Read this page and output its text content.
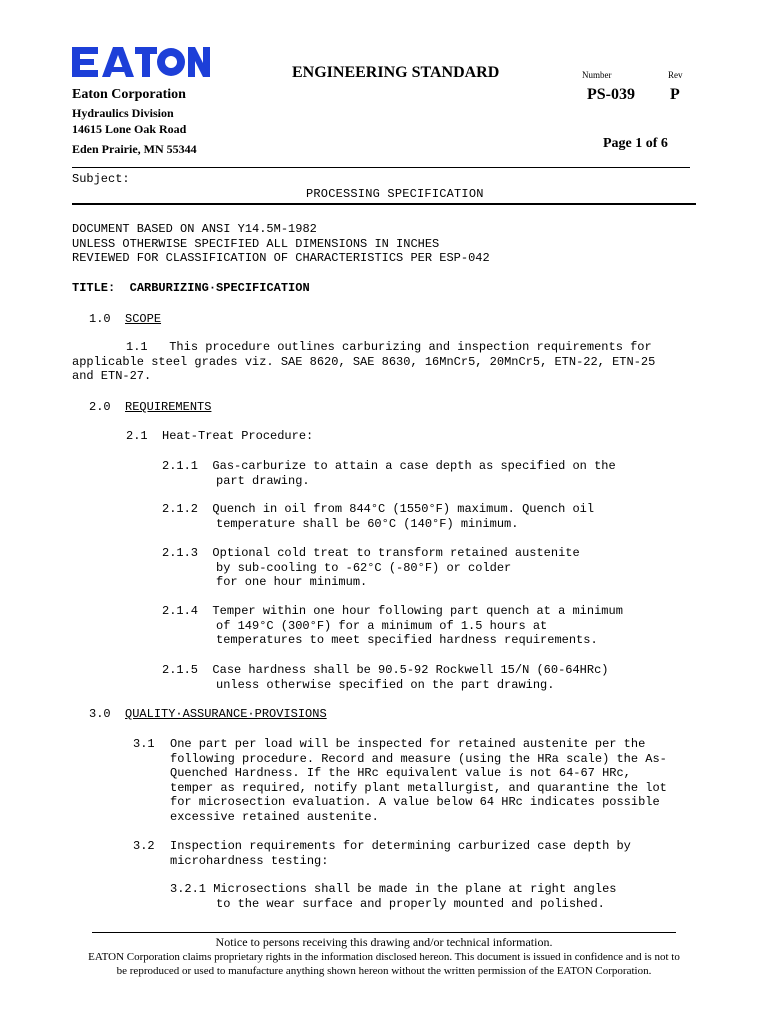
ENGINEERING STANDARD	Number	Rev
PS-039 P
Eaton Corporation
Hydraulics Division
14615 Lone Oak Road
Eden Prairie, MN 55344	Page 1 of 6
Subject:
PROCESSING SPECIFICATION
DOCUMENT BASED ON ANSI Y14.5M-1982
UNLESS OTHERWISE SPECIFIED ALL DIMENSIONS IN INCHES
REVIEWED FOR CLASSIFICATION OF CHARACTERISTICS PER ESP-042
TITLE: CARBURIZING·SPECIFICATION
1.0 SCOPE
1.1 This procedure outlines carburizing and inspection requirements for
applicable steel grades viz. SAE 8620, SAE 8630, 16MnCr5, 20MnCr5, ETN-22, ETN-25
and ETN-27.
2.0 REQUIREMENTS
2.1  Heat-Treat Procedure:
2.1.1 Gas-carburize to attain a case depth as specified on the
part drawing.
2.1.2 Quench in oil from 844°C (1550°F) maximum. Quench oil
temperature shall be 60°C (140°F) minimum.
2.1.3 Optional cold treat to transform retained austenite
by sub-cooling to -62°C (-80°F) or colder
for one hour minimum.
2.1.4 Temper within one hour following part quench at a minimum
of 149°C (300°F) for a minimum of 1.5 hours at
temperatures to meet specified hardness requirements.
2.1.5 Case hardness shall be 90.5-92 Rockwell 15/N (60-64HRc)
unless otherwise specified on the part drawing.
3.0 QUALITY·ASSURANCE·PROVISIONS
3.1 One part per load will be inspected for retained austenite per the
following procedure. Record and measure (using the HRa scale) the As-
Quenched Hardness. If the HRc equivalent value is not 64-67 HRc,
temper as required, notify plant metallurgist, and quarantine the lot
for microsection evaluation. A value below 64 HRc indicates possible
excessive retained austenite.
3.2 Inspection requirements for determining carburized case depth by
microhardness testing:
3.2.1 Microsections shall be made in the plane at right angles
to the wear surface and properly mounted and polished.
Notice to persons receiving this drawing and/or technical information.
EATON Corporation claims proprietary rights in the information disclosed hereon. This document is issued in confidence and is not to
be reproduced or used to manufacture anything shown hereon without the written permission of the EATON Corporation.
